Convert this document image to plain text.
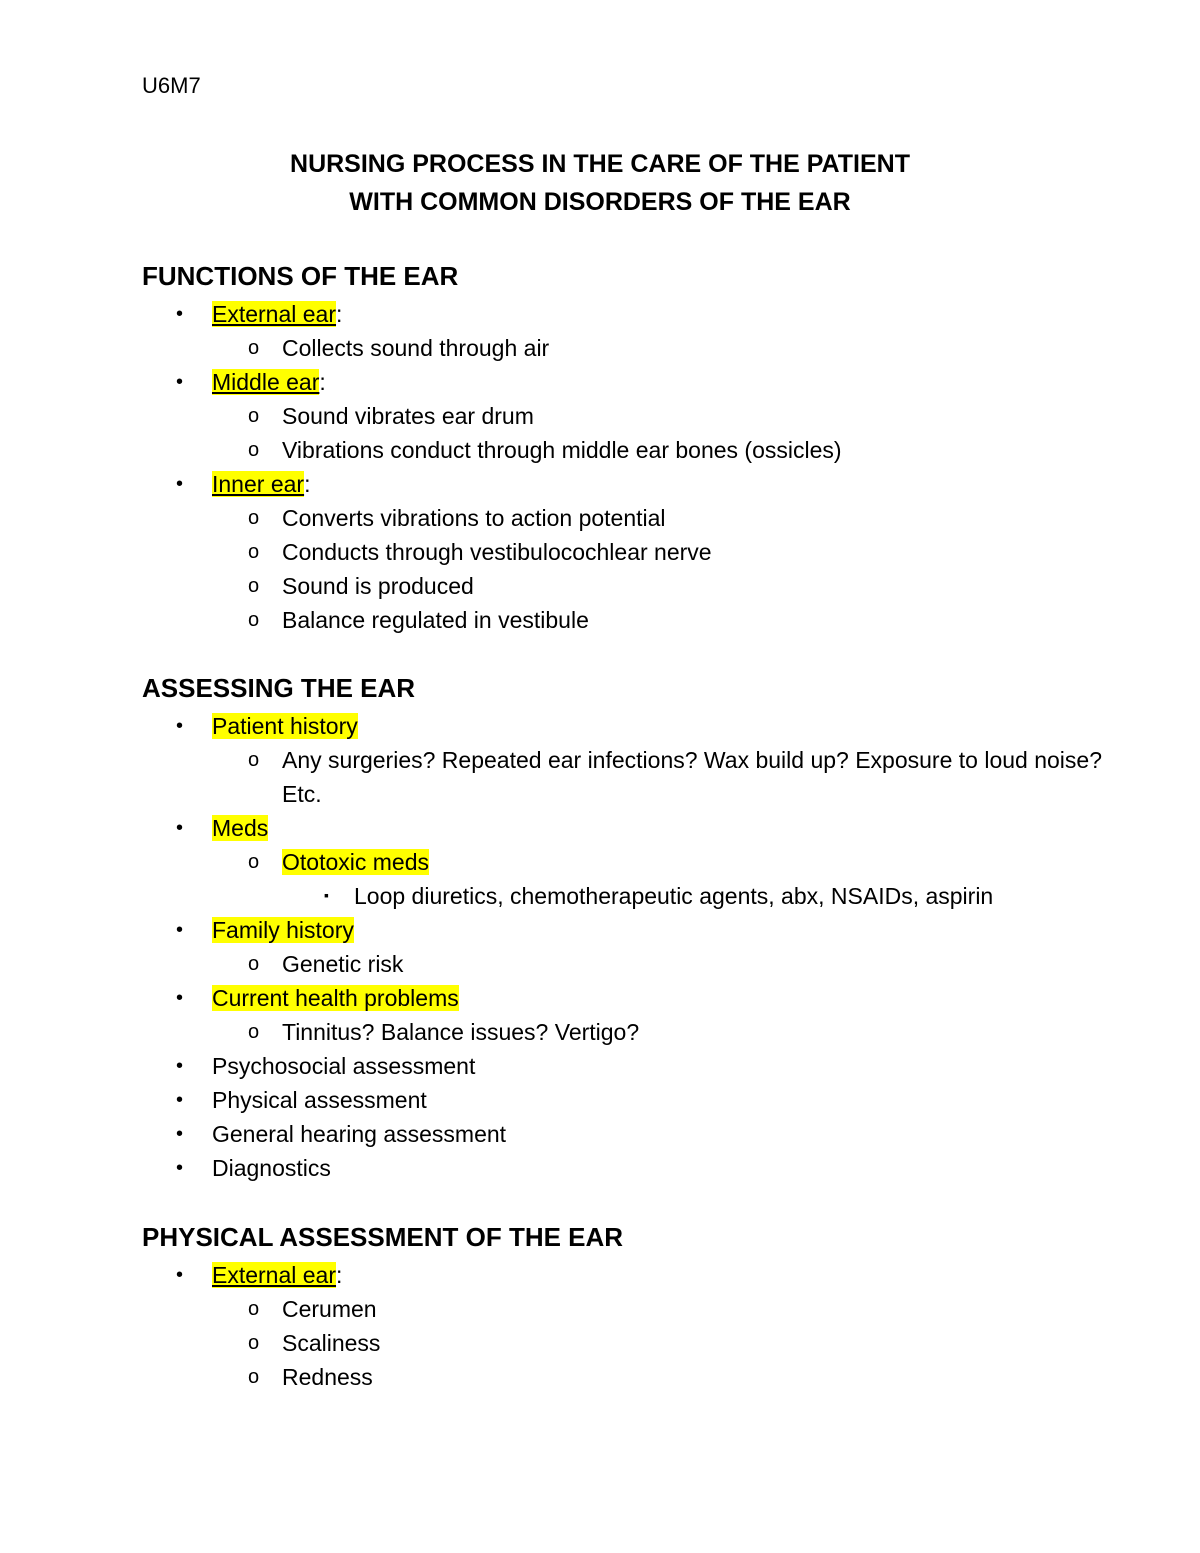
U6M7
NURSING PROCESS IN THE CARE OF THE PATIENT
WITH COMMON DISORDERS OF THE EAR
FUNCTIONS OF THE EAR
• External ear:
o Collects sound through air
• Middle ear:
o Sound vibrates ear drum
o Vibrations conduct through middle ear bones (ossicles)
• Inner ear:
o Converts vibrations to action potential
o Conducts through vestibulocochlear nerve
o Sound is produced
o Balance regulated in vestibule
ASSESSING THE EAR
• Patient history
o Any surgeries? Repeated ear infections? Wax build up? Exposure to loud noise? Etc.
• Meds
o Ototoxic meds
▪ Loop diuretics, chemotherapeutic agents, abx, NSAIDs, aspirin
• Family history
o Genetic risk
• Current health problems
o Tinnitus? Balance issues? Vertigo?
• Psychosocial assessment
• Physical assessment
• General hearing assessment
• Diagnostics
PHYSICAL ASSESSMENT OF THE EAR
• External ear:
o Cerumen
o Scaliness
o Redness
